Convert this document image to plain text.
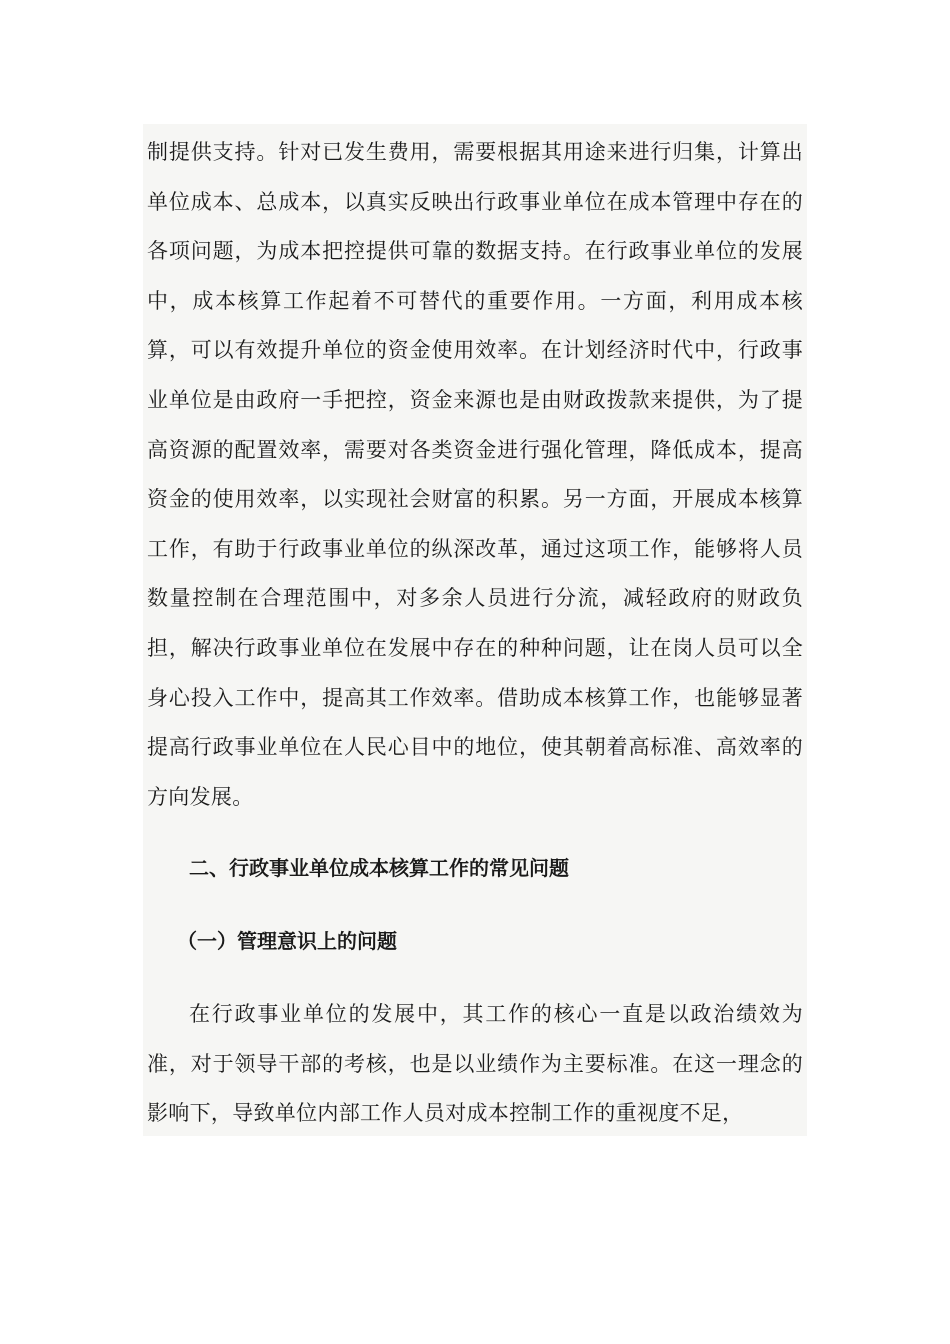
制提供支持。针对已发生费用，需要根据其用途来进行归集，计算出单位成本、总成本，以真实反映出行政事业单位在成本管理中存在的各项问题，为成本把控提供可靠的数据支持。在行政事业单位的发展中，成本核算工作起着不可替代的重要作用。一方面，利用成本核算，可以有效提升单位的资金使用效率。在计划经济时代中，行政事业单位是由政府一手把控，资金来源也是由财政拨款来提供，为了提高资源的配置效率，需要对各类资金进行强化管理，降低成本，提高资金的使用效率，以实现社会财富的积累。另一方面，开展成本核算工作，有助于行政事业单位的纵深改革，通过这项工作，能够将人员数量控制在合理范围中，对多余人员进行分流，减轻政府的财政负担，解决行政事业单位在发展中存在的种种问题，让在岗人员可以全身心投入工作中，提高其工作效率。借助成本核算工作，也能够显著提高行政事业单位在人民心目中的地位，使其朝着高标准、高效率的方向发展。

二、行政事业单位成本核算工作的常见问题
（一）管理意识上的问题

在行政事业单位的发展中，其工作的核心一直是以政治绩效为准，对于领导干部的考核，也是以业绩作为主要标准。在这一理念的影响下，导致单位内部工作人员对成本控制工作的重视度不足，
